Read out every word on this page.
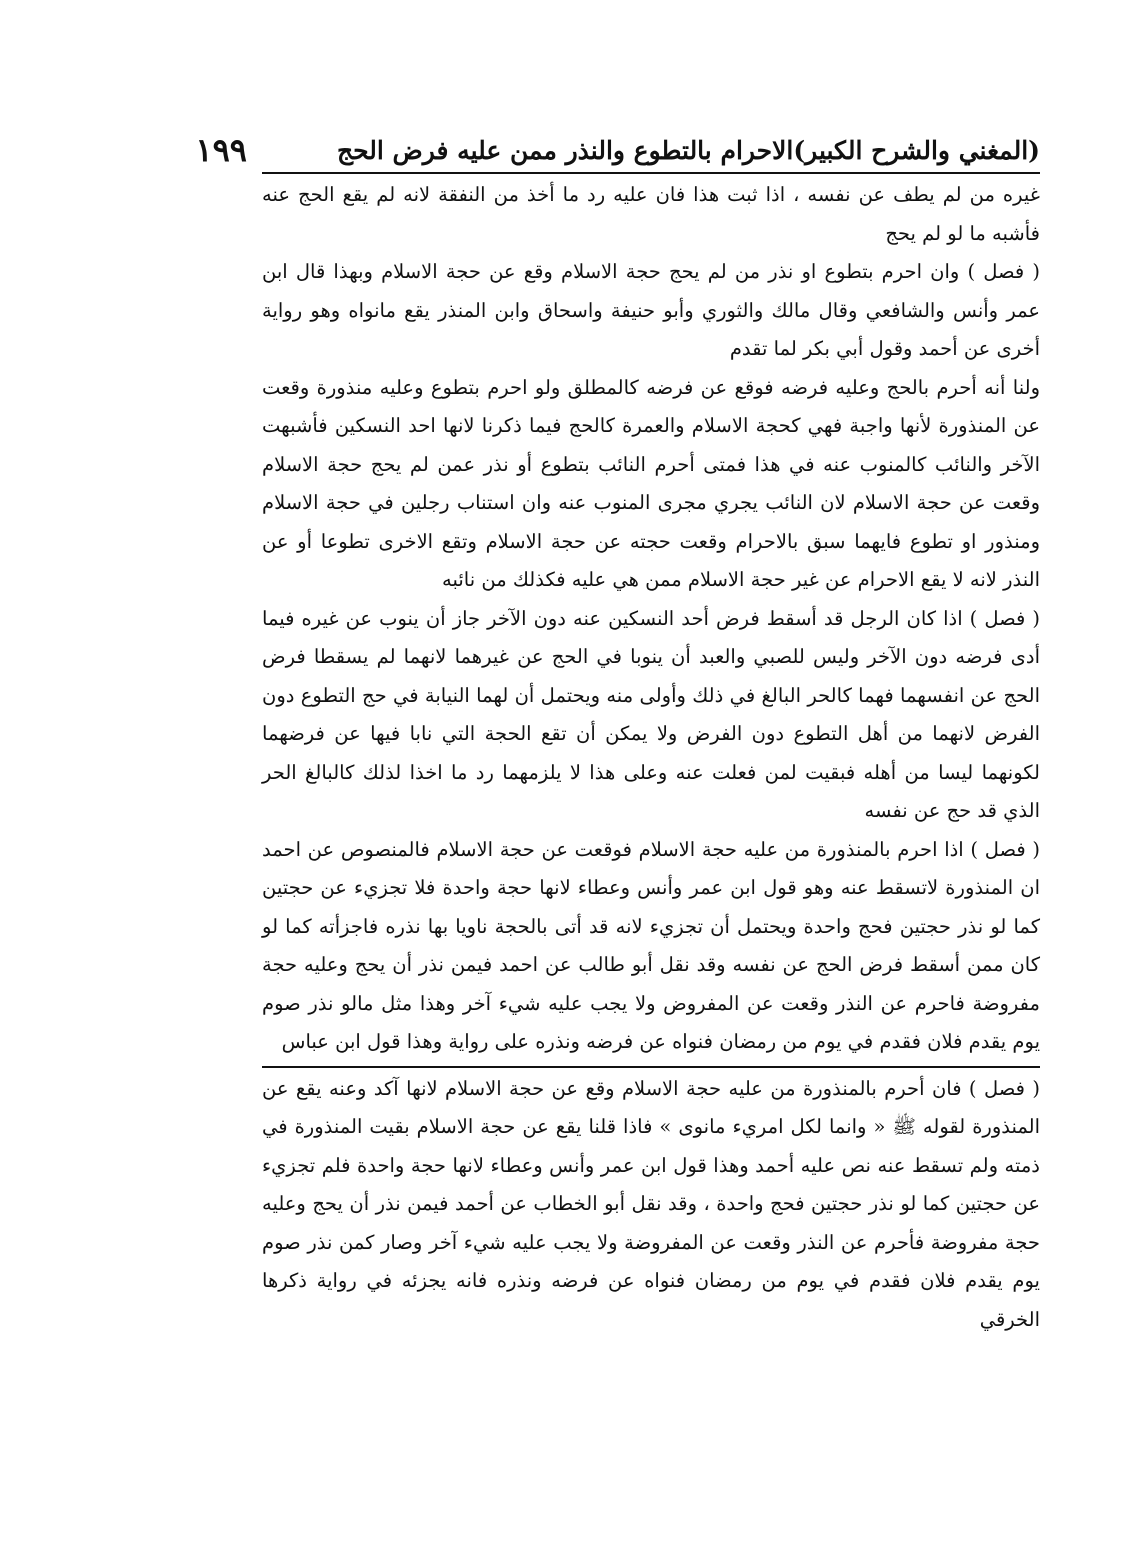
(المغني والشرح الكبير)
الاحرام بالتطوع والنذر ممن عليه فرض الحج
١٩٩

غيره من لم يطف عن نفسه ، اذا ثبت هذا فان عليه رد ما أخذ من النفقة لانه لم يقع الحج عنه فأشبه ما لو لم يحج

( فصل ) وان احرم بتطوع او نذر من لم يحج حجة الاسلام وقع عن حجة الاسلام وبهذا قال ابن عمر وأنس والشافعي وقال مالك والثوري وأبو حنيفة واسحاق وابن المنذر يقع مانواه وهو رواية أخرى عن أحمد وقول أبي بكر لما تقدم

ولنا أنه أحرم بالحج وعليه فرضه فوقع عن فرضه كالمطلق ولو احرم بتطوع وعليه منذورة وقعت عن المنذورة لأنها واجبة فهي كحجة الاسلام والعمرة كالحج فيما ذكرنا لانها احد النسكين فأشبهت الآخر والنائب كالمنوب عنه في هذا فمتى أحرم النائب بتطوع أو نذر عمن لم يحج حجة الاسلام وقعت عن حجة الاسلام لان النائب يجري مجرى المنوب عنه وان استناب رجلين في حجة الاسلام ومنذور او تطوع فايهما سبق بالاحرام وقعت حجته عن حجة الاسلام وتقع الاخرى تطوعا أو عن النذر لانه لا يقع الاحرام عن غير حجة الاسلام ممن هي عليه فكذلك من نائبه

( فصل ) اذا كان الرجل قد أسقط فرض أحد النسكين عنه دون الآخر جاز أن ينوب عن غيره فيما أدى فرضه دون الآخر وليس للصبي والعبد أن ينوبا في الحج عن غيرهما لانهما لم يسقطا فرض الحج عن انفسهما فهما كالحر البالغ في ذلك وأولى منه ويحتمل أن لهما النيابة في حج التطوع دون الفرض لانهما من أهل التطوع دون الفرض ولا يمكن أن تقع الحجة التي نابا فيها عن فرضهما لكونهما ليسا من أهله فبقيت لمن فعلت عنه وعلى هذا لا يلزمهما رد ما اخذا لذلك كالبالغ الحر الذي قد حج عن نفسه

( فصل ) اذا احرم بالمنذورة من عليه حجة الاسلام فوقعت عن حجة الاسلام فالمنصوص عن احمد ان المنذورة لاتسقط عنه وهو قول ابن عمر وأنس وعطاء لانها حجة واحدة فلا تجزيء عن حجتين كما لو نذر حجتين فحج واحدة ويحتمل أن تجزيء لانه قد أتى بالحجة ناويا بها نذره فاجزأته كما لو كان ممن أسقط فرض الحج عن نفسه وقد نقل أبو طالب عن احمد فيمن نذر أن يحج وعليه حجة مفروضة فاحرم عن النذر وقعت عن المفروض ولا يجب عليه شيء آخر وهذا مثل مالو نذر صوم يوم يقدم فلان فقدم في يوم من رمضان فنواه عن فرضه ونذره على رواية وهذا قول ابن عباس

( فصل ) فان أحرم بالمنذورة من عليه حجة الاسلام وقع عن حجة الاسلام لانها آكد وعنه يقع عن المنذورة لقوله ﷺ « وانما لكل امريء مانوى » فاذا قلنا يقع عن حجة الاسلام بقيت المنذورة في ذمته ولم تسقط عنه نص عليه أحمد وهذا قول ابن عمر وأنس وعطاء لانها حجة واحدة فلم تجزيء عن حجتين كما لو نذر حجتين فحج واحدة ، وقد نقل أبو الخطاب عن أحمد فيمن نذر أن يحج وعليه حجة مفروضة فأحرم عن النذر وقعت عن المفروضة ولا يجب عليه شيء آخر وصار كمن نذر صوم يوم يقدم فلان فقدم في يوم من رمضان فنواه عن فرضه ونذره فانه يجزئه في رواية ذكرها الخرقي
